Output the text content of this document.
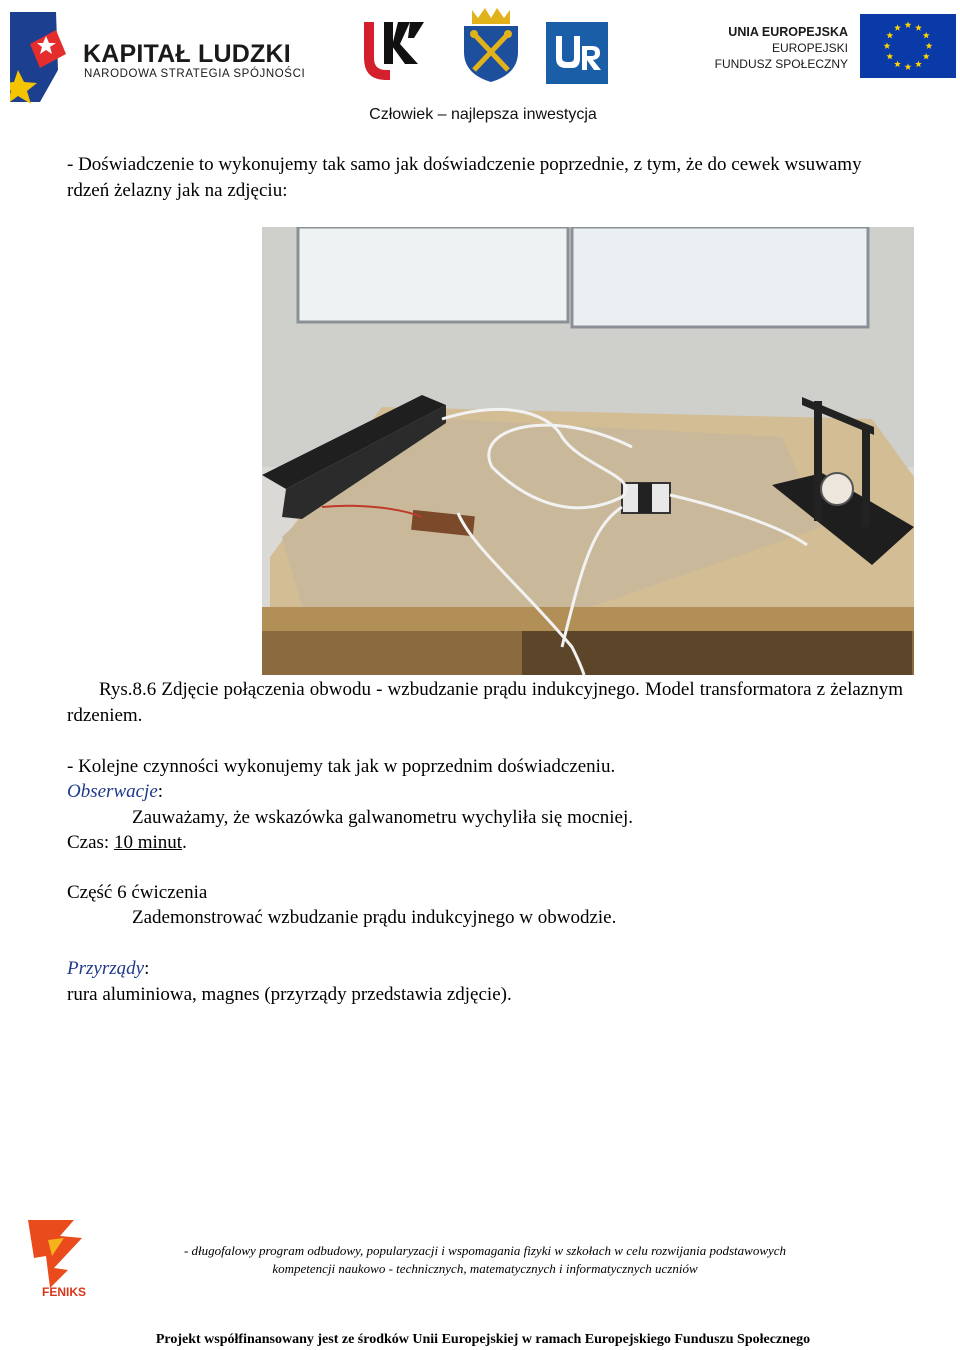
KAPITAŁ LUDZKI
NARODOWA STRATEGIA SPÓJNOŚCI
UNIA EUROPEJSKA
EUROPEJSKI
FUNDUSZ SPOŁECZNY
Człowiek – najlepsza inwestycja
- Doświadczenie to wykonujemy tak samo jak doświadczenie poprzednie, z tym, że do cewek wsuwamy rdzeń żelazny jak na zdjęciu:
Rys.8.6 Zdjęcie połączenia obwodu - wzbudzanie prądu indukcyjnego. Model transformatora z żelaznym rdzeniem.
- Kolejne czynności wykonujemy tak jak w poprzednim doświadczeniu.
Obserwacje:
Zauważamy, że wskazówka galwanometru wychyliła się mocniej.
Czas: 10 minut.
Część 6 ćwiczenia
Zademonstrować wzbudzanie prądu indukcyjnego w obwodzie.
Przyrządy:
rura aluminiowa, magnes (przyrządy przedstawia zdjęcie).
FENIKS
- długofalowy program odbudowy, popularyzacji i wspomagania fizyki w szkołach w celu rozwijania podstawowych
kompetencji naukowo - technicznych, matematycznych i informatycznych uczniów
Projekt współfinansowany jest ze środków Unii Europejskiej w ramach Europejskiego Funduszu Społecznego
